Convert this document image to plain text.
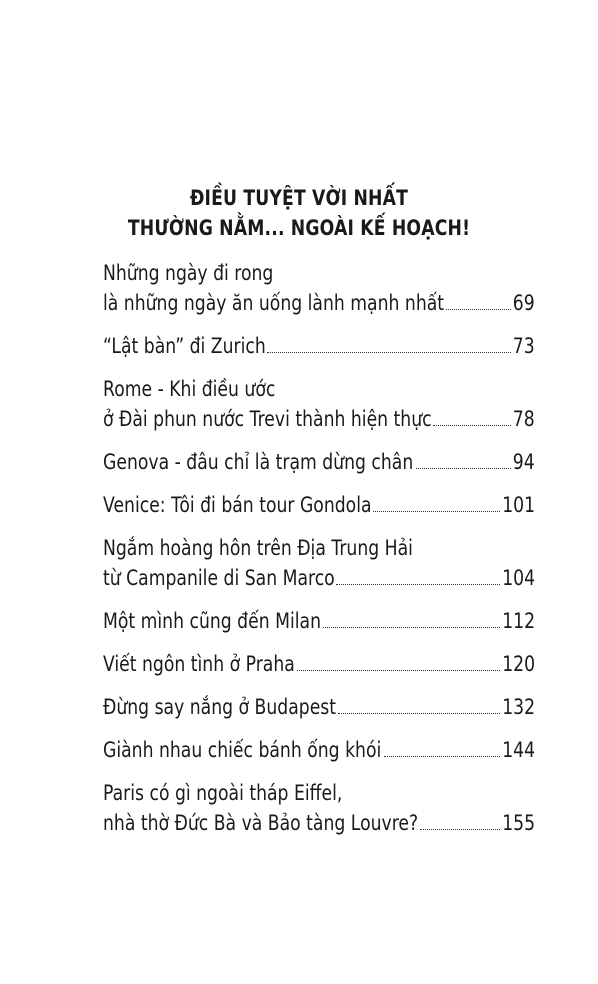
ĐIỀU TUYỆT VỜI NHẤT
THƯỜNG NẰM... NGOÀI KẾ HOẠCH!
Những ngày đi rong
là những ngày ăn uống lành mạnh nhất	69
“Lật bàn” đi Zurich	73
Rome - Khi điều ước
ở Đài phun nước Trevi thành hiện thực	78
Genova - đâu chỉ là trạm dừng chân	94
Venice: Tôi đi bán tour Gondola	101
Ngắm hoàng hôn trên Địa Trung Hải
từ Campanile di San Marco	104
Một mình cũng đến Milan	112
Viết ngôn tình ở Praha	120
Đừng say nắng ở Budapest	132
Giành nhau chiếc bánh ống khói	144
Paris có gì ngoài tháp Eiffel,
nhà thờ Đức Bà và Bảo tàng Louvre?	155
